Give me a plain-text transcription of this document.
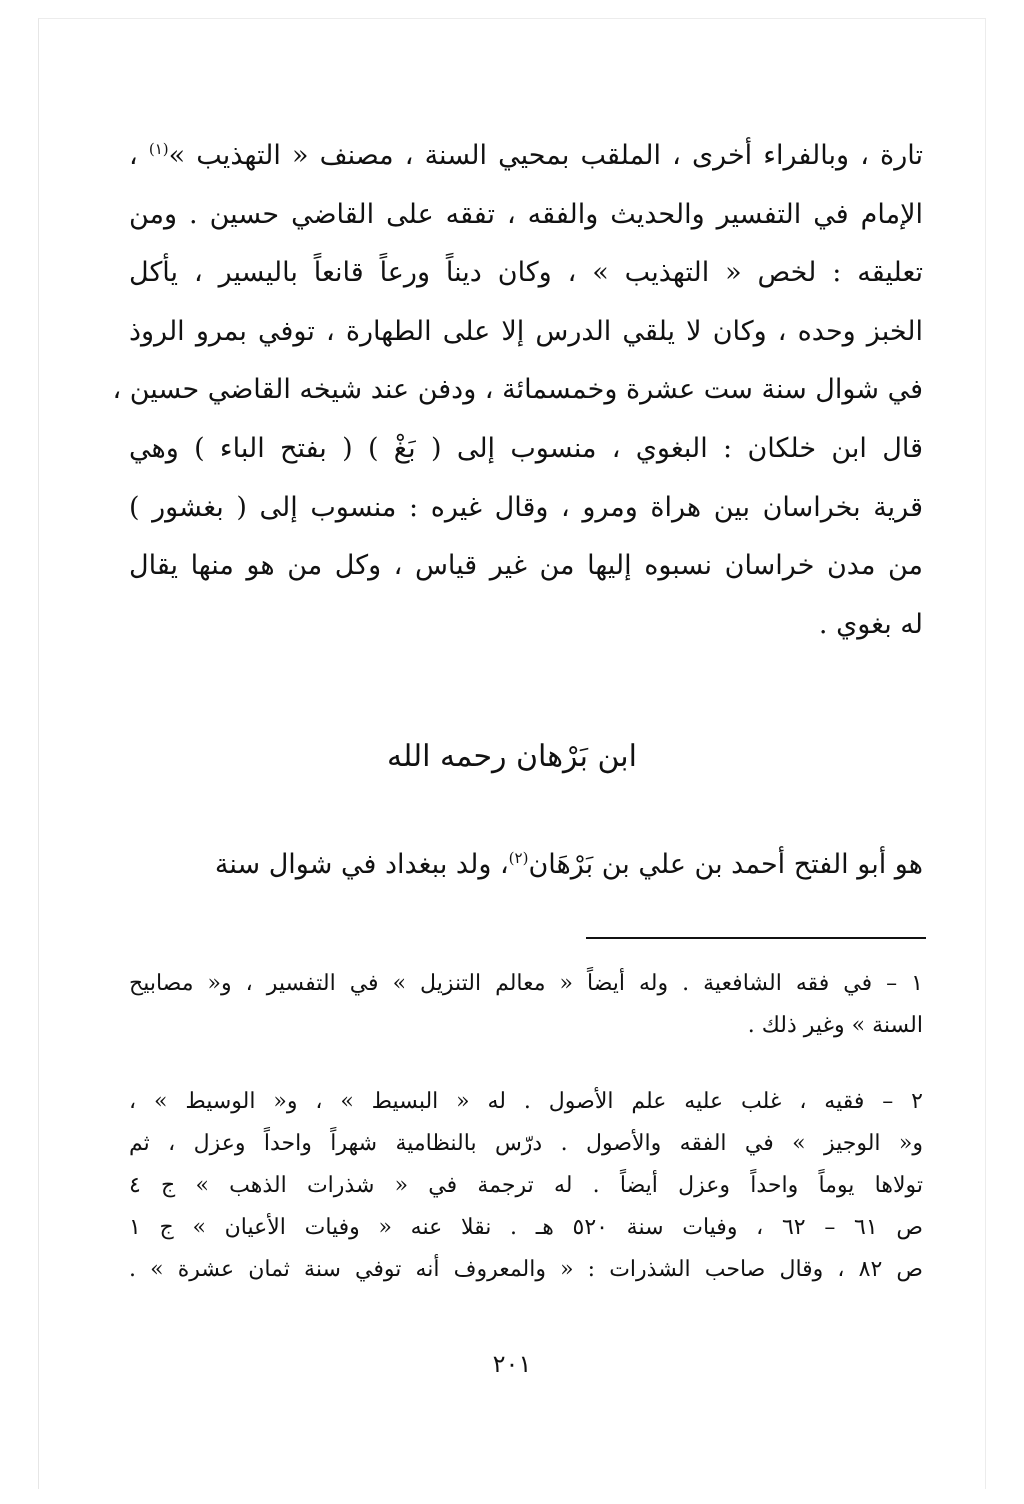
تارة ، وبالفراء أخرى ، الملقب بمحيي السنة ، مصنف « التهذيب »$^{(١)}$ ،
الإمام في التفسير والحديث والفقه ، تفقه على القاضي حسين . ومن
تعليقه : لخص « التهذيب » ، وكان ديناً ورعاً قانعاً باليسير ، يأكل
الخبز وحده ، وكان لا يلقي الدرس إلا على الطهارة ، توفي بمرو الروذ
في شوال سنة ست عشرة وخمسمائة ، ودفن عند شيخه القاضي حسين ،
قال ابن خلكان : البغوي ، منسوب إلى ( بَغْ ) ( بفتح الباء ) وهي
قرية بخراسان بين هراة ومرو ، وقال غيره : منسوب إلى ( بغشور )
من مدن خراسان نسبوه إليها من غير قياس ، وكل من هو منها يقال
له بغوي .
ابن بَرْهان رحمه الله
هو أبو الفتح أحمد بن علي بن بَرْهَان$^{(٢)}$، ولد ببغداد في شوال سنة
١ – في فقه الشافعية . وله أيضاً « معالم التنزيل » في التفسير ، و« مصابيح
السنة » وغير ذلك .
٢ – فقيه ، غلب عليه علم الأصول . له « البسيط » ، و« الوسيط » ،
و« الوجيز » في الفقه والأصول . درّس بالنظامية شهراً واحداً وعزل ، ثم
تولاها يوماً واحداً وعزل أيضاً . له ترجمة في « شذرات الذهب » ج ٤
ص ٦١ – ٦٢ ، وفيات سنة ٥٢٠ هـ . نقلا عنه « وفيات الأعيان » ج ١
ص ٨٢ ، وقال صاحب الشذرات : « والمعروف أنه توفي سنة ثمان عشرة » .
٢٠١
